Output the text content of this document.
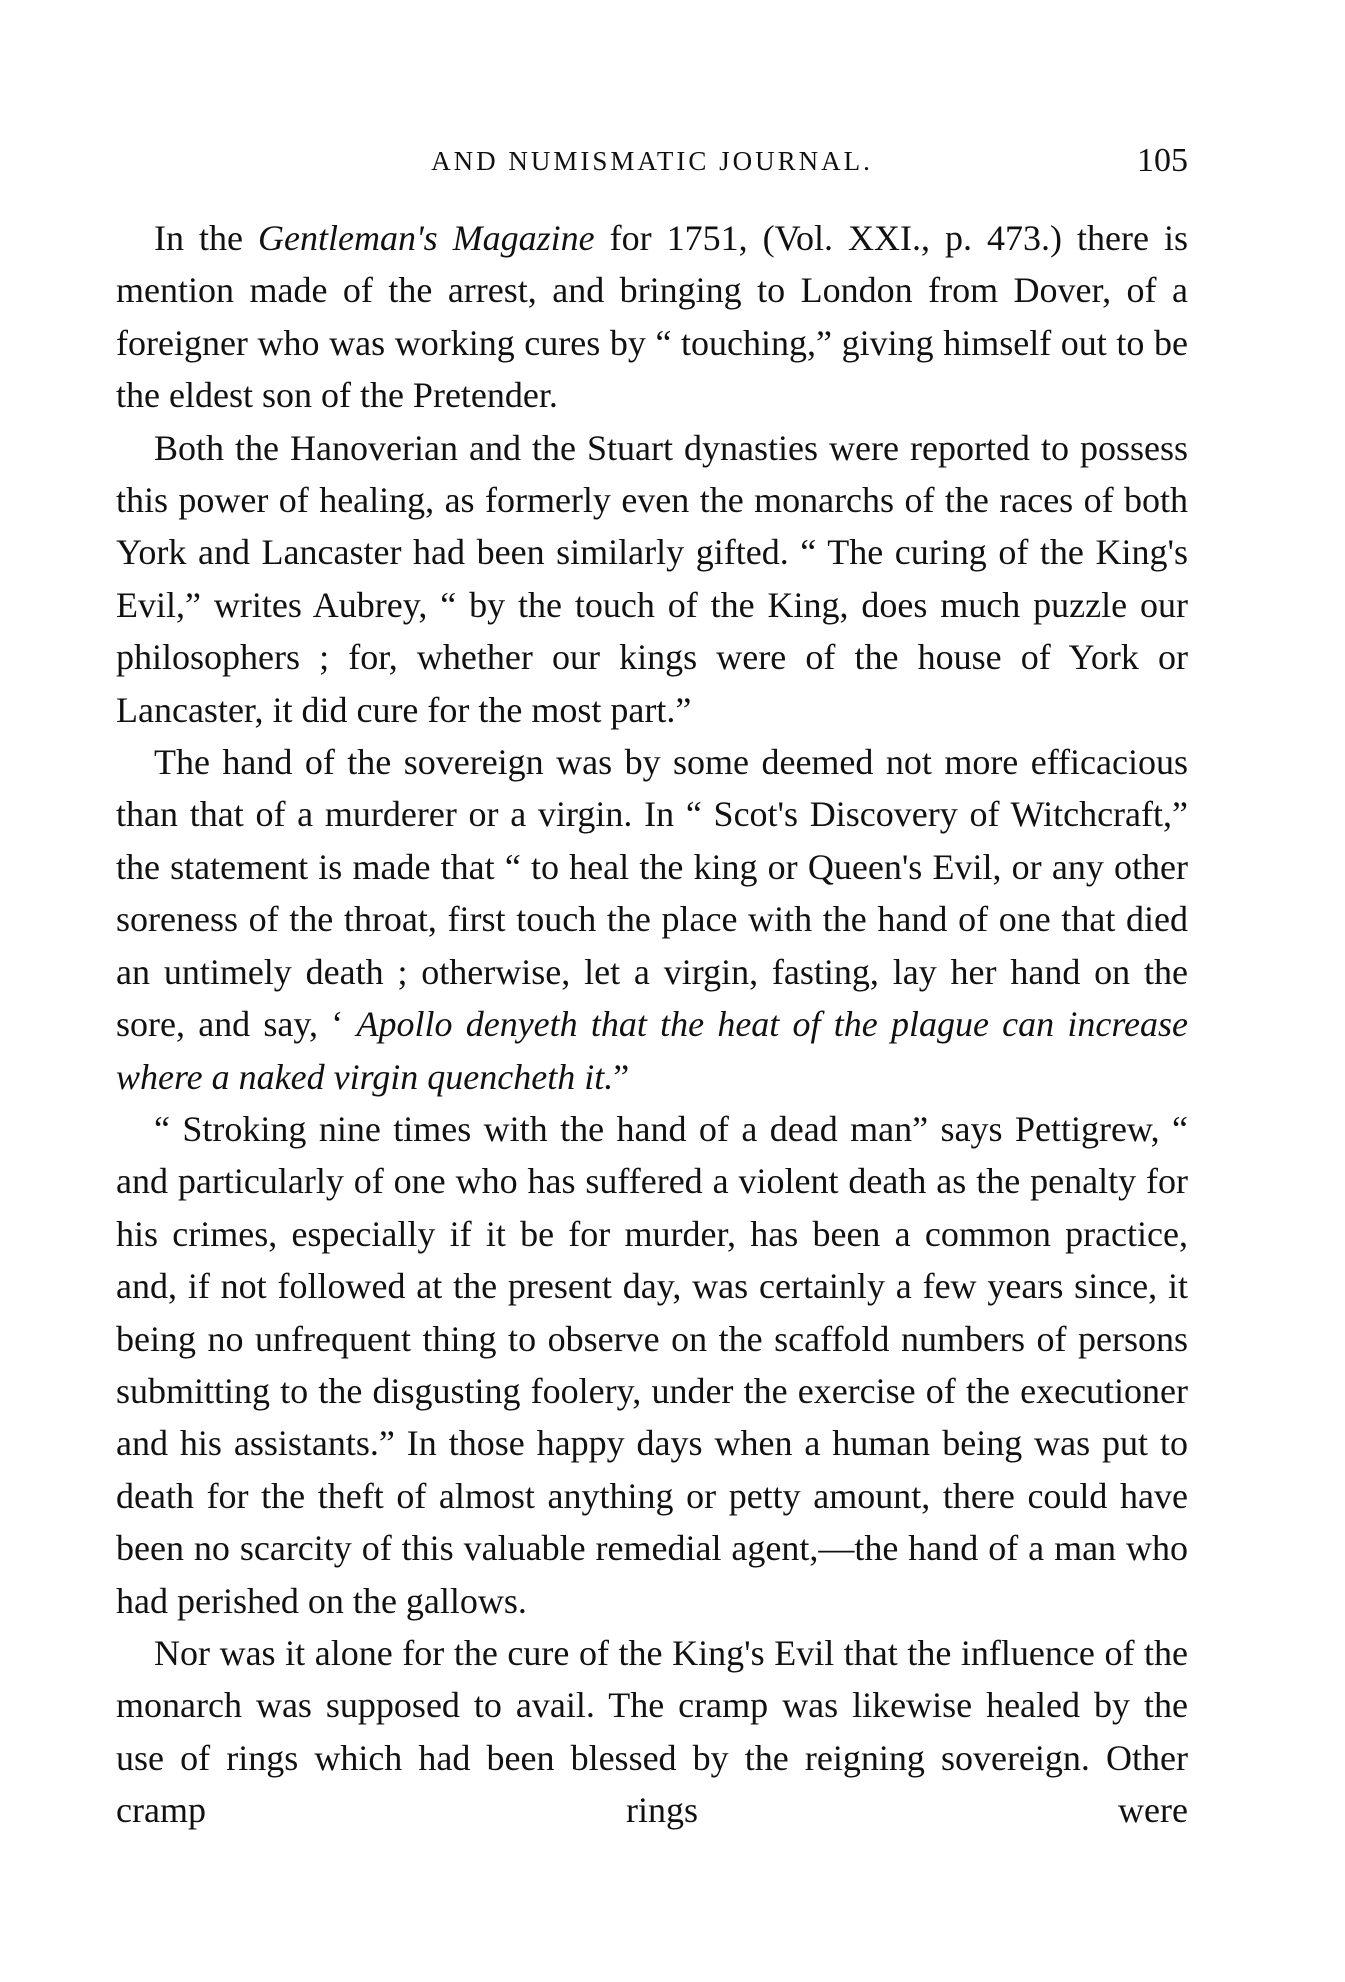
AND NUMISMATIC JOURNAL.	105

In the Gentleman's Magazine for 1751, (Vol. XXI., p. 473.) there is mention made of the arrest, and bringing to London from Dover, of a foreigner who was working cures by “ touching,” giving himself out to be the eldest son of the Pretender.

Both the Hanoverian and the Stuart dynasties were reported to possess this power of healing, as formerly even the monarchs of the races of both York and Lancaster had been similarly gifted. “ The curing of the King's Evil,” writes Aubrey, “ by the touch of the King, does much puzzle our philosophers ; for, whether our kings were of the house of York or Lancaster, it did cure for the most part.”

The hand of the sovereign was by some deemed not more efficacious than that of a murderer or a virgin. In “ Scot's Discovery of Witchcraft,” the statement is made that “ to heal the king or Queen's Evil, or any other soreness of the throat, first touch the place with the hand of one that died an untimely death ; otherwise, let a virgin, fasting, lay her hand on the sore, and say, ‘ Apollo denyeth that the heat of the plague can increase where a naked virgin quencheth it.”

“ Stroking nine times with the hand of a dead man” says Pettigrew, “ and particularly of one who has suffered a violent death as the penalty for his crimes, especially if it be for murder, has been a common practice, and, if not followed at the present day, was certainly a few years since, it being no unfrequent thing to observe on the scaffold numbers of persons submitting to the disgusting foolery, under the exercise of the executioner and his assistants.” In those happy days when a human being was put to death for the theft of almost anything or petty amount, there could have been no scarcity of this valuable remedial agent,—the hand of a man who had perished on the gallows.

Nor was it alone for the cure of the King's Evil that the influence of the monarch was supposed to avail. The cramp was likewise healed by the use of rings which had been blessed by the reigning sovereign. Other cramp rings were
